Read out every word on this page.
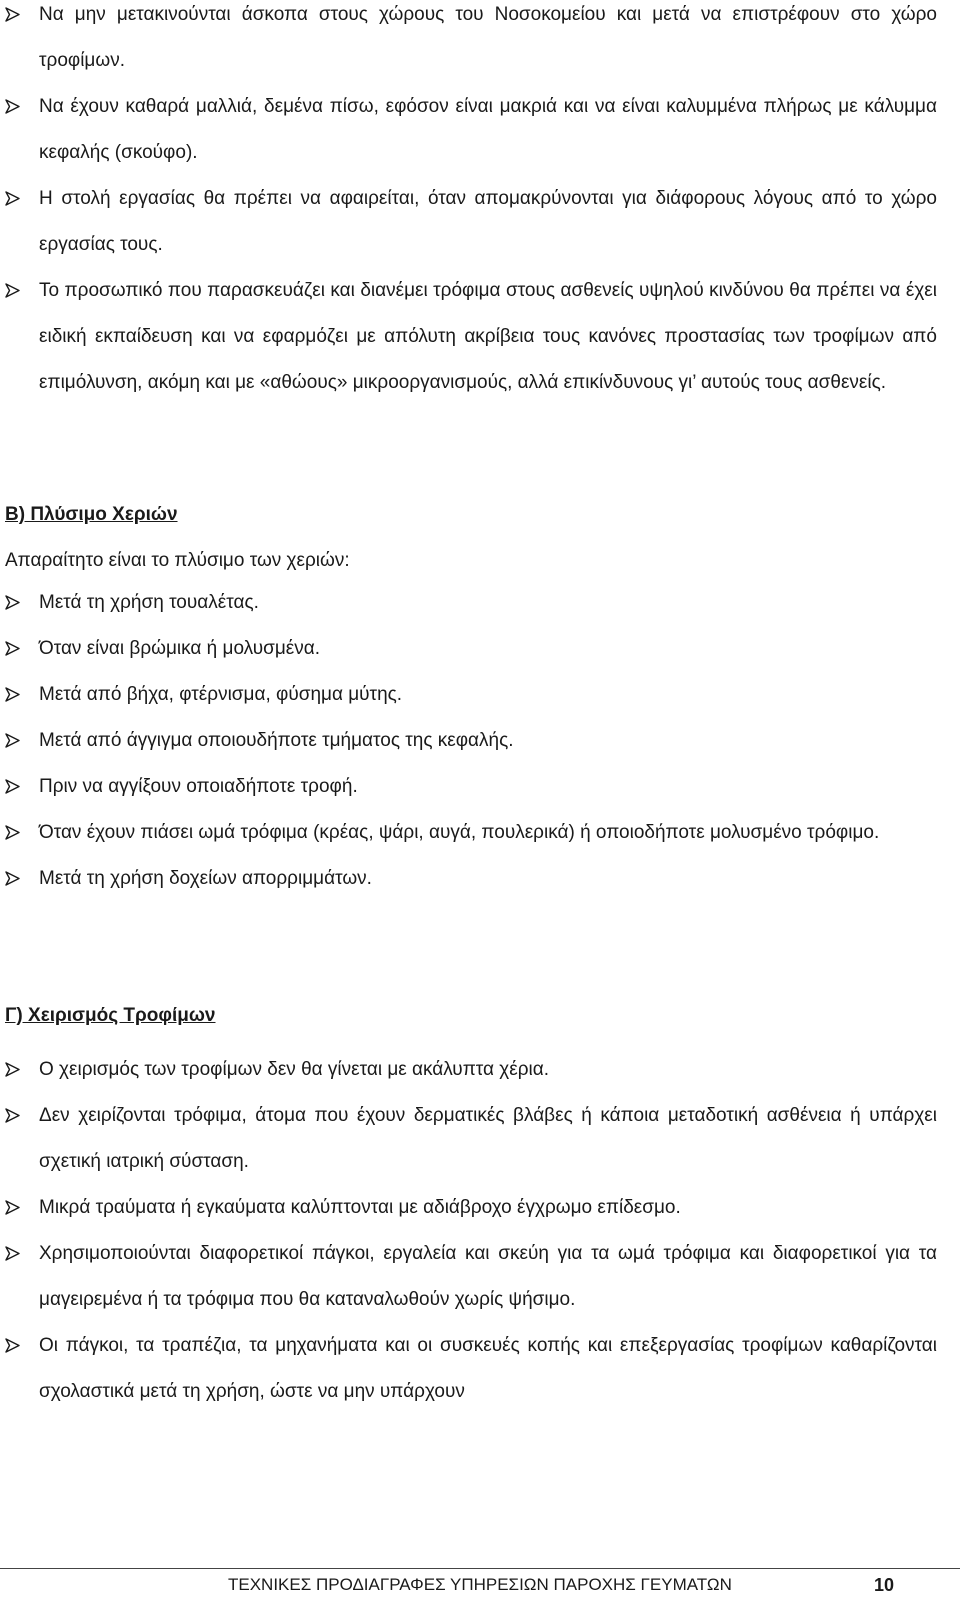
Να μην μετακινούνται άσκοπα στους χώρους του Νοσοκομείου και μετά να επιστρέφουν στο χώρο τροφίμων.
Να έχουν καθαρά μαλλιά, δεμένα πίσω, εφόσον είναι μακριά και να είναι καλυμμένα πλήρως με κάλυμμα κεφαλής (σκούφο).
Η στολή εργασίας θα πρέπει να αφαιρείται, όταν απομακρύνονται για διάφορους λόγους από το χώρο εργασίας τους.
Το προσωπικό που παρασκευάζει και διανέμει τρόφιμα στους ασθενείς υψηλού κινδύνου θα πρέπει να έχει ειδική εκπαίδευση και να εφαρμόζει με απόλυτη ακρίβεια τους κανόνες προστασίας των τροφίμων από επιμόλυνση, ακόμη και με «αθώους» μικροοργανισμούς, αλλά επικίνδυνους γι’ αυτούς τους ασθενείς.
Β) Πλύσιμο Χεριών
Απαραίτητο είναι το πλύσιμο των χεριών:
Μετά τη χρήση τουαλέτας.
Όταν είναι βρώμικα ή μολυσμένα.
Μετά από βήχα, φτέρνισμα, φύσημα μύτης.
Μετά από άγγιγμα οποιουδήποτε τμήματος της κεφαλής.
Πριν να αγγίξουν οποιαδήποτε τροφή.
Όταν έχουν πιάσει ωμά τρόφιμα (κρέας, ψάρι, αυγά, πουλερικά) ή οποιοδήποτε μολυσμένο τρόφιμο.
Μετά τη χρήση δοχείων απορριμμάτων.
Γ) Χειρισμός Τροφίμων
Ο χειρισμός των τροφίμων δεν θα γίνεται με ακάλυπτα χέρια.
Δεν χειρίζονται τρόφιμα, άτομα που έχουν δερματικές βλάβες ή κάποια μεταδοτική ασθένεια ή υπάρχει σχετική ιατρική σύσταση.
Μικρά τραύματα ή εγκαύματα καλύπτονται με αδιάβροχο έγχρωμο επίδεσμο.
Χρησιμοποιούνται διαφορετικοί πάγκοι, εργαλεία και σκεύη για τα ωμά τρόφιμα και διαφορετικοί για τα μαγειρεμένα ή τα τρόφιμα που θα καταναλωθούν χωρίς ψήσιμο.
Οι πάγκοι, τα τραπέζια, τα μηχανήματα και οι συσκευές κοπής και επεξεργασίας τροφίμων καθαρίζονται σχολαστικά μετά τη χρήση, ώστε να μην υπάρχουν
ΤΕΧΝΙΚΕΣ ΠΡΟΔΙΑΓΡΑΦΕΣ ΥΠΗΡΕΣΙΩΝ ΠΑΡΟΧΗΣ ΓΕΥΜΑΤΩΝ	10
